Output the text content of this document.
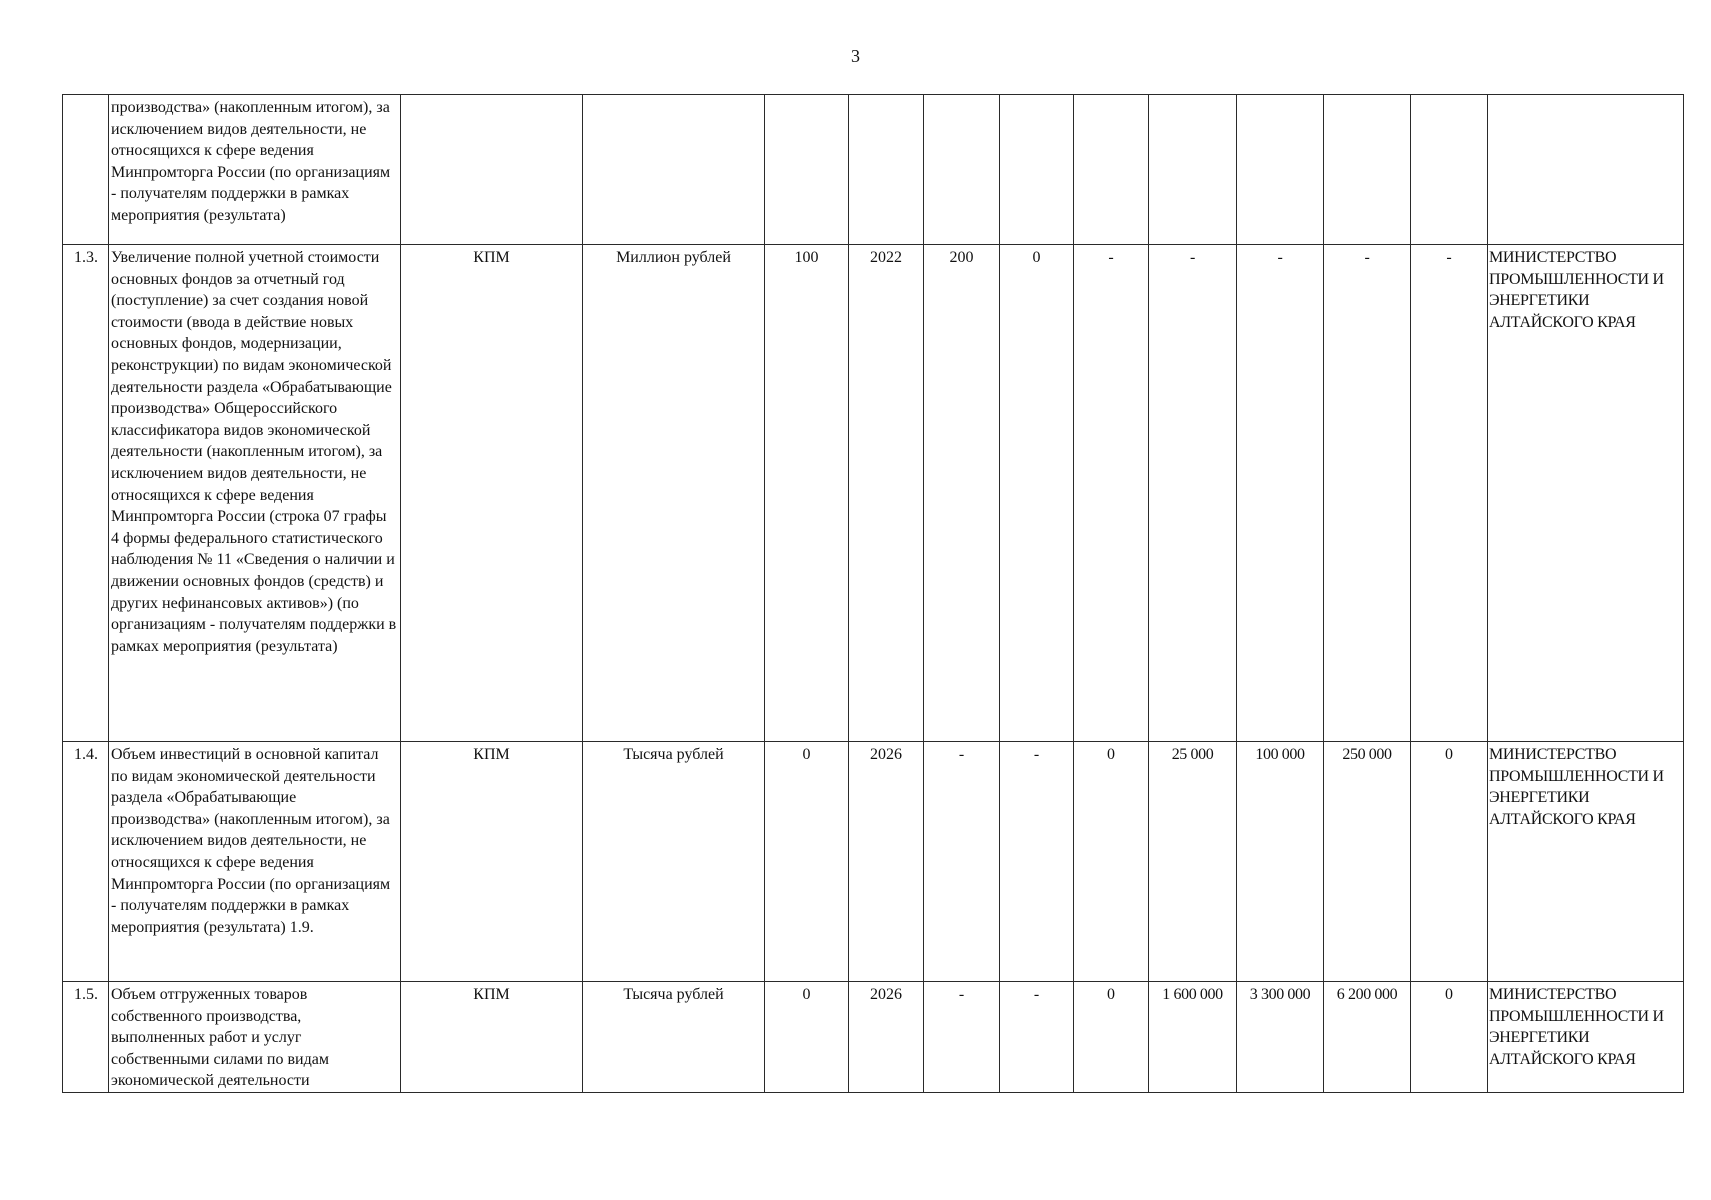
3
	производства» (накопленным итогом), за исключением видов деятельности, не относящихся к сфере ведения Минпромторга России (по организациям - получателям поддержки в рамках мероприятия (результата)												
1.3.	Увеличение полной учетной стоимости основных фондов за отчетный год (поступление) за счет создания новой стоимости (ввода в действие новых основных фондов, модернизации, реконструкции) по видам экономической деятельности раздела «Обрабатывающие производства» Общероссийского классификатора видов экономической деятельности (накопленным итогом), за исключением видов деятельности, не относящихся к сфере ведения Минпромторга России (строка 07 графы 4 формы федерального статистического наблюдения № 11 «Сведения о наличии и движении основных фондов (средств) и других нефинансовых активов») (по организациям - получателям поддержки в рамках мероприятия (результата)	КПМ	Миллион рублей	100	2022	200	0	-	-	-	-	-	МИНИСТЕРСТВО ПРОМЫШЛЕННОСТИ И ЭНЕРГЕТИКИ АЛТАЙСКОГО КРАЯ
1.4.	Объем инвестиций в основной капитал по видам экономической деятельности раздела «Обрабатывающие производства» (накопленным итогом), за исключением видов деятельности, не относящихся к сфере ведения Минпромторга России (по организациям - получателям поддержки в рамках мероприятия (результата) 1.9.	КПМ	Тысяча рублей	0	2026	-	-	0	25 000	100 000	250 000	0	МИНИСТЕРСТВО ПРОМЫШЛЕННОСТИ И ЭНЕРГЕТИКИ АЛТАЙСКОГО КРАЯ
1.5.	Объем отгруженных товаров собственного производства, выполненных работ и услуг собственными силами по видам экономической деятельности	КПМ	Тысяча рублей	0	2026	-	-	0	1 600 000	3 300 000	6 200 000	0	МИНИСТЕРСТВО ПРОМЫШЛЕННОСТИ И ЭНЕРГЕТИКИ АЛТАЙСКОГО КРАЯ
